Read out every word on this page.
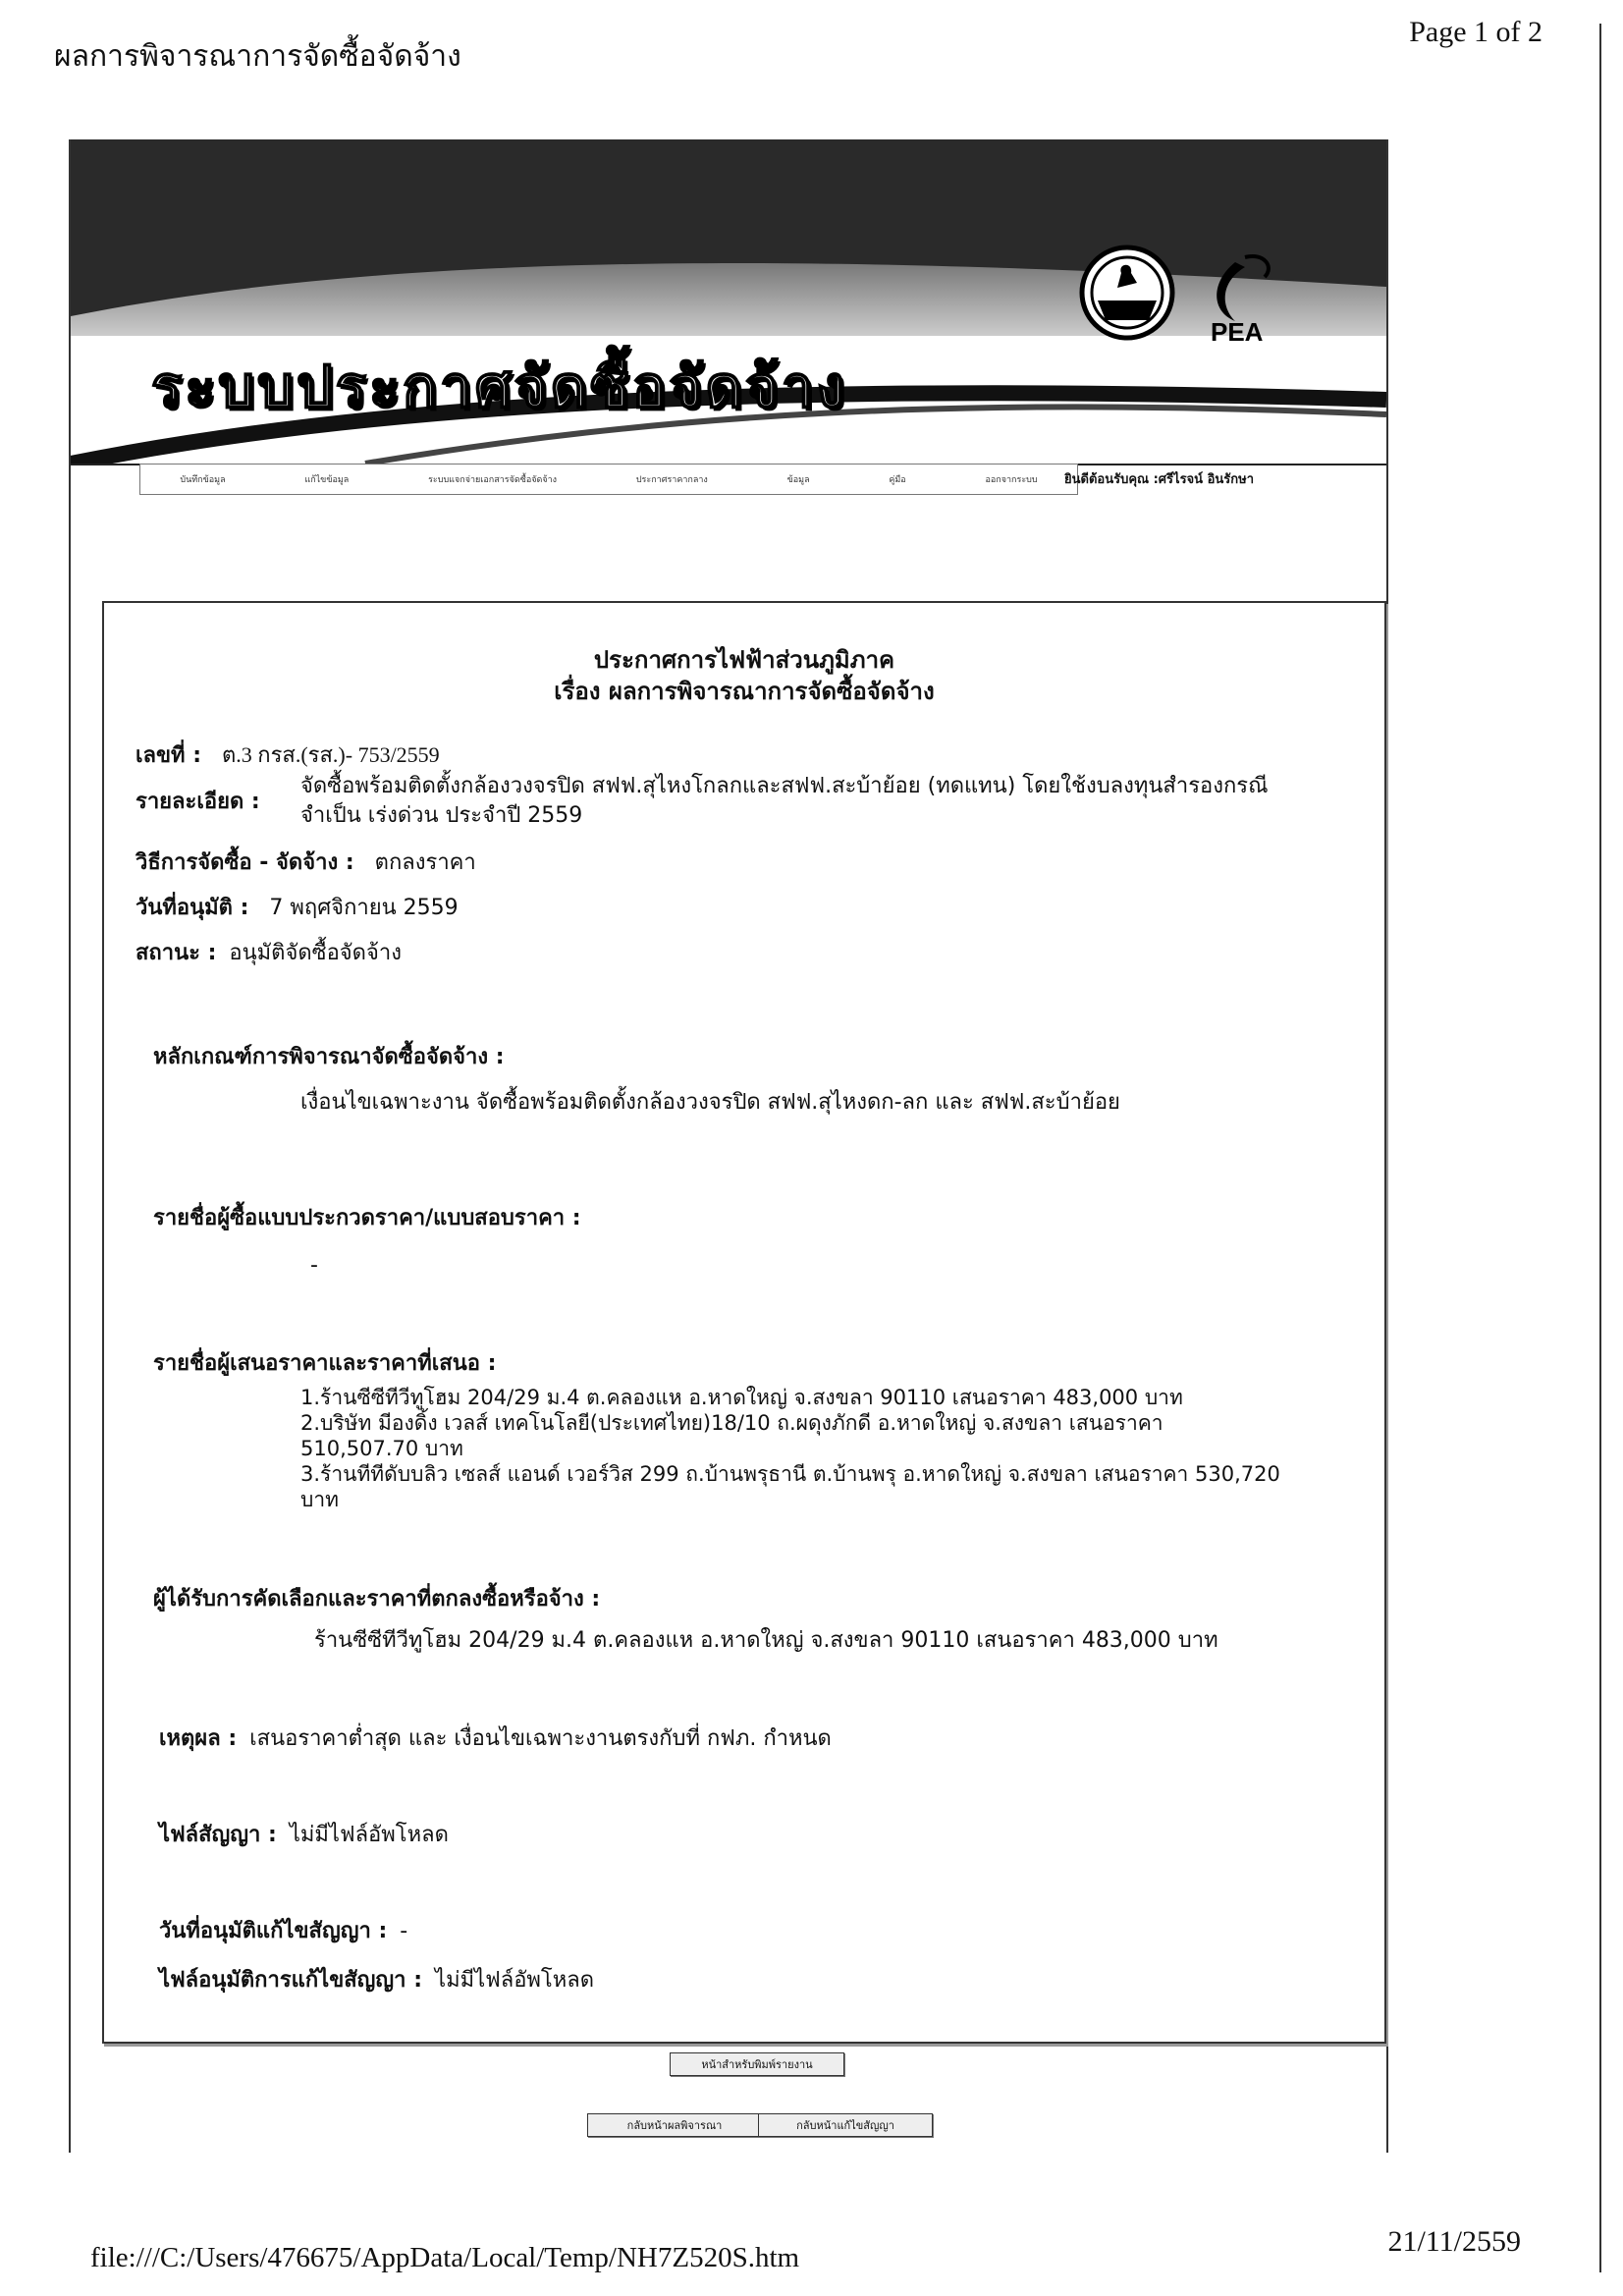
ผลการพิจารณาการจัดซื้อจัดจ้าง
Page 1 of 2
ระบบประกาศจัดซื้อจัดจ้าง
PEA
บันทึกข้อมูล	แก้ไขข้อมูล	ระบบแจกจ่ายเอกสารจัดซื้อจัดจ้าง	ประกาศราคากลาง	ข้อมูล	คู่มือ	ออกจากระบบ ยินดีต้อนรับคุณ :ศรีไรจน์ อินรักษา
ประกาศการไฟฟ้าส่วนภูมิภาค
เรื่อง ผลการพิจารณาการจัดซื้อจัดจ้าง
เลขที่ : ต.3 กรส.(รส.)- 753/2559
รายละเอียด :
จัดซื้อพร้อมติดตั้งกล้องวงจรปิด สฟฟ.สุไหงโกลกและสฟฟ.สะบ้าย้อย (ทดแทน) โดยใช้งบลงทุนสำรองกรณี
จำเป็น เร่งด่วน ประจำปี 2559
วิธีการจัดซื้อ - จัดจ้าง : ตกลงราคา
วันที่อนุมัติ : 7 พฤศจิกายน 2559
สถานะ : อนุมัติจัดซื้อจัดจ้าง
หลักเกณฑ์การพิจารณาจัดซื้อจัดจ้าง :
เงื่อนไขเฉพาะงาน จัดซื้อพร้อมติดตั้งกล้องวงจรปิด สฟฟ.สุไหงดก-ลก และ สฟฟ.สะบ้าย้อย
รายชื่อผู้ซื้อแบบประกวดราคา/แบบสอบราคา :
-
รายชื่อผู้เสนอราคาและราคาที่เสนอ :
1.ร้านซีซีทีวีทูโฮม 204/29 ม.4 ต.คลองแห อ.หาดใหญ่ จ.สงขลา 90110 เสนอราคา 483,000 บาท
2.บริษัท มีองดิ้ง เวลส์ เทคโนโลยี(ประเทศไทย)18/10 ถ.ผดุงภักดี อ.หาดใหญ่ จ.สงขลา เสนอราคา
510,507.70 บาท
3.ร้านทีทีดับบลิว เซลส์ แอนด์ เวอร์วิส 299 ถ.บ้านพรุธานี ต.บ้านพรุ อ.หาดใหญ่ จ.สงขลา เสนอราคา 530,720
บาท
ผู้ได้รับการคัดเลือกและราคาที่ตกลงซื้อหรือจ้าง :
ร้านซีซีทีวีทูโฮม 204/29 ม.4 ต.คลองแห อ.หาดใหญ่ จ.สงขลา 90110 เสนอราคา 483,000 บาท
เหตุผล : เสนอราคาต่ำสุด และ เงื่อนไขเฉพาะงานตรงกับที่ กฟภ. กำหนด
ไฟล์สัญญา : ไม่มีไฟล์อัพโหลด
วันที่อนุมัติแก้ไขสัญญา : -
ไฟล์อนุมัติการแก้ไขสัญญา : ไม่มีไฟล์อัพโหลด
หน้าสำหรับพิมพ์รายงาน
กลับหน้าผลพิจารณา	กลับหน้าแก้ไขสัญญา
file:///C:/Users/476675/AppData/Local/Temp/NH7Z520S.htm	21/11/2559
